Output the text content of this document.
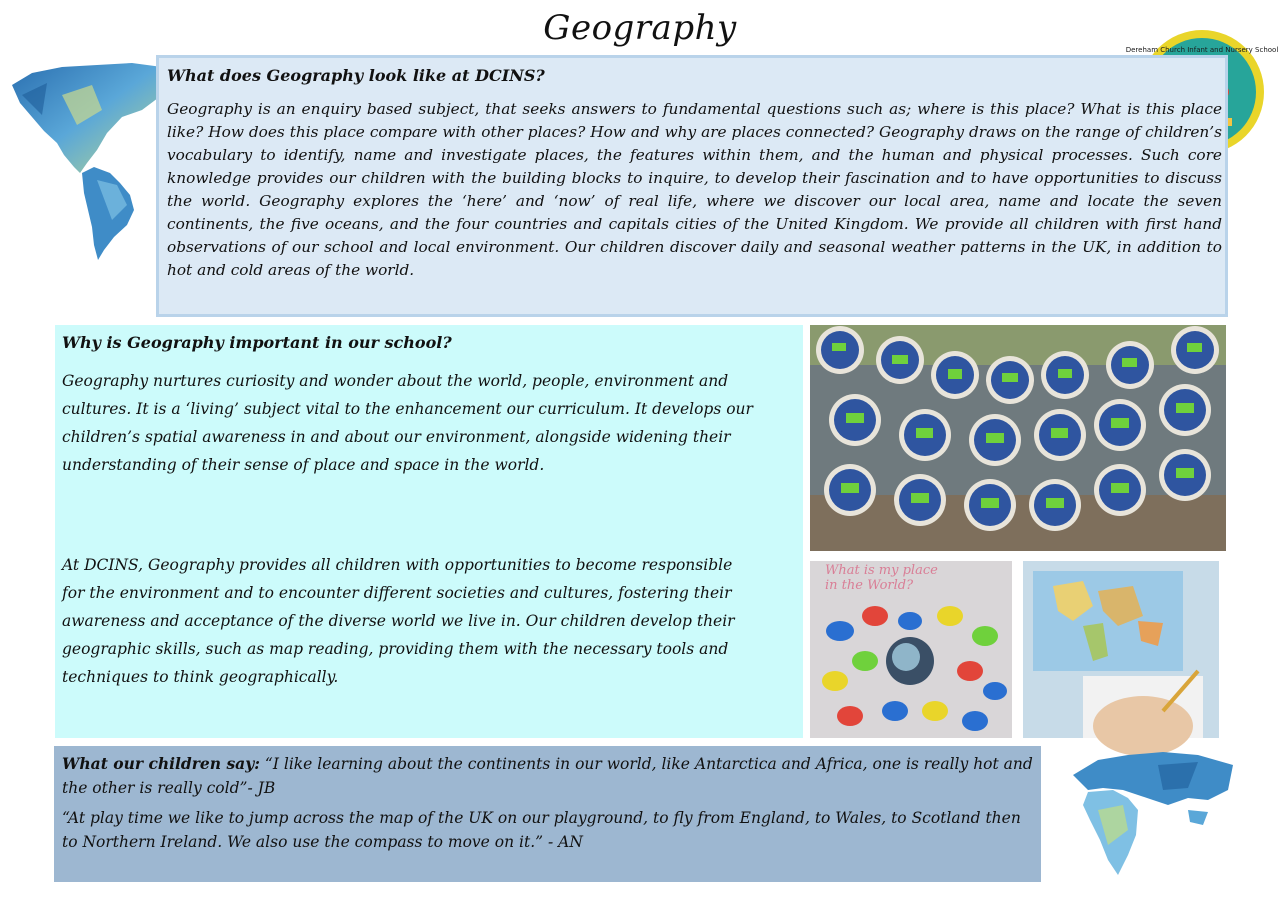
Geography
Dereham Church Infant and Nursery School
What does Geography look like at DCINS?
Geography is an enquiry based subject, that seeks answers to fundamental questions such as; where is this place? What is this place like? How does this place compare with other places? How and why are places connected? Geography draws on the range of children’s vocabulary to identify, name and investigate places, the features within them, and the human and physical processes. Such core knowledge provides our children with the building blocks to inquire, to develop their fascination and to have opportunities to discuss the world. Geography explores the ‘here’ and ‘now’ of real life, where we discover our local area, name and locate the seven continents, the five oceans, and the four countries and capitals cities of the United Kingdom. We provide all children with first hand observations of our school and local environment. Our children discover daily and seasonal weather patterns in the UK, in addition to hot and cold areas of the world.
Why is Geography important in our school?
Geography nurtures curiosity and wonder about the world, people, environment and cultures. It is a ‘living’ subject vital to the enhancement our curriculum. It develops our children’s spatial awareness in and about our environment, alongside widening their understanding of their sense of place and space in the world.
At DCINS, Geography provides all children with opportunities to become responsible for the environment and to encounter different societies and cultures, fostering their awareness and acceptance of the diverse world we live in. Our children develop their geographic skills, such as map reading, providing them with the necessary tools and techniques to think geographically.
What is my place
in the World?
What our children say: “I like learning about the continents in our world, like Antarctica and Africa, one is really hot and the other is really cold”- JB
“At play time we like to jump across the map of the UK on our playground, to fly from England, to Wales, to Scotland then to Northern Ireland. We also use the compass to move on it.” - AN
